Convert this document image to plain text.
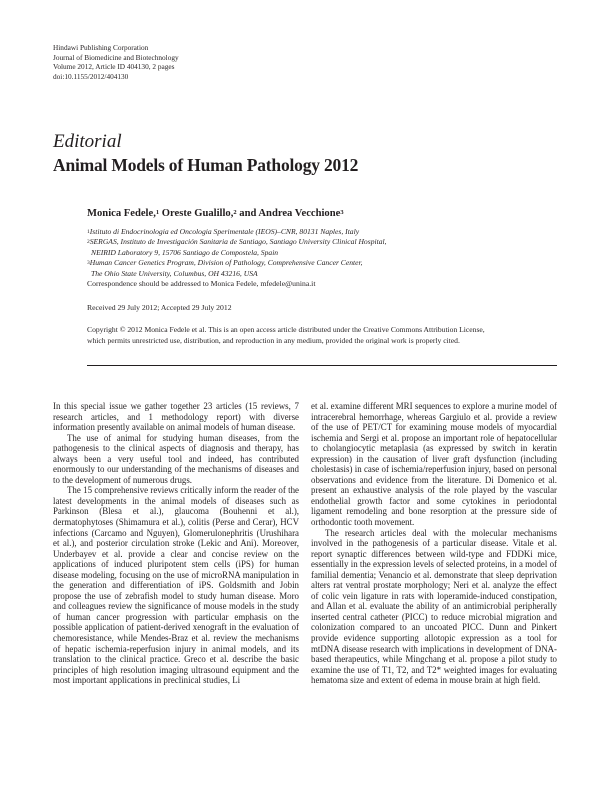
Hindawi Publishing Corporation
Journal of Biomedicine and Biotechnology
Volume 2012, Article ID 404130, 2 pages
doi:10.1155/2012/404130
Editorial
Animal Models of Human Pathology 2012
Monica Fedele,$^1$ Oreste Gualillo,$^2$ and Andrea Vecchione$^3$
$^1$Istituto di Endocrinologia ed Oncologia Sperimentale (IEOS)–CNR, 80131 Naples, Italy
$^2$SERGAS, Instituto de Investigación Sanitaria de Santiago, Santiago University Clinical Hospital,
NEIRID Laboratory 9, 15706 Santiago de Compostela, Spain
$^3$Human Cancer Genetics Program, Division of Pathology, Comprehensive Cancer Center,
The Ohio State University, Columbus, OH 43216, USA
Correspondence should be addressed to Monica Fedele, mfedele@unina.it
Received 29 July 2012; Accepted 29 July 2012
Copyright © 2012 Monica Fedele et al. This is an open access article distributed under the Creative Commons Attribution License,
which permits unrestricted use, distribution, and reproduction in any medium, provided the original work is properly cited.

In this special issue we gather together 23 articles (15 reviews, 7 research articles, and 1 methodology report) with diverse information presently available on animal models of human disease.

The use of animal for studying human diseases, from the pathogenesis to the clinical aspects of diagnosis and therapy, has always been a very useful tool and indeed, has contributed enormously to our understanding of the mechanisms of diseases and to the development of numerous drugs.

The 15 comprehensive reviews critically inform the reader of the latest developments in the animal models of diseases such as Parkinson (Blesa et al.), glaucoma (Bouhenni et al.), dermatophytoses (Shimamura et al.), colitis (Perse and Cerar), HCV infections (Carcamo and Nguyen), Glomerulonephritis (Urushihara et al.), and posterior circulation stroke (Lekic and Ani). Moreover, Underbayev et al. provide a clear and concise review on the applications of induced pluripotent stem cells (iPS) for human disease modeling, focusing on the use of microRNA manipulation in the generation and differentiation of iPS. Goldsmith and Jobin propose the use of zebrafish model to study human disease. Moro and colleagues review the significance of mouse models in the study of human cancer progression with particular emphasis on the possible application of patient-derived xenograft in the evaluation of chemoresistance, while Mendes-Braz et al. review the mechanisms of hepatic ischemia-reperfusion injury in animal models, and its translation to the clinical practice. Greco et al. describe the basic principles of high resolution imaging ultrasound equipment and the most important applications in preclinical studies, Li

et al. examine different MRI sequences to explore a murine model of intracerebral hemorrhage, whereas Gargiulo et al. provide a review of the use of PET/CT for examining mouse models of myocardial ischemia and Sergi et al. propose an important role of hepatocellular to cholangiocytic metaplasia (as expressed by switch in keratin expression) in the causation of liver graft dysfunction (including cholestasis) in case of ischemia/reperfusion injury, based on personal observations and evidence from the literature. Di Domenico et al. present an exhaustive analysis of the role played by the vascular endothelial growth factor and some cytokines in periodontal ligament remodeling and bone resorption at the pressure side of orthodontic tooth movement.

The research articles deal with the molecular mechanisms involved in the pathogenesis of a particular disease. Vitale et al. report synaptic differences between wild-type and FDDKi mice, essentially in the expression levels of selected proteins, in a model of familial dementia; Venancio et al. demonstrate that sleep deprivation alters rat ventral prostate morphology; Neri et al. analyze the effect of colic vein ligature in rats with loperamide-induced constipation, and Allan et al. evaluate the ability of an antimicrobial peripherally inserted central catheter (PICC) to reduce microbial migration and colonization compared to an uncoated PICC. Dunn and Pinkert provide evidence supporting allotopic expression as a tool for mtDNA disease research with implications in development of DNA-based therapeutics, while Mingchang et al. propose a pilot study to examine the use of T1, T2, and T2* weighted images for evaluating hematoma size and extent of edema in mouse brain at high field.
